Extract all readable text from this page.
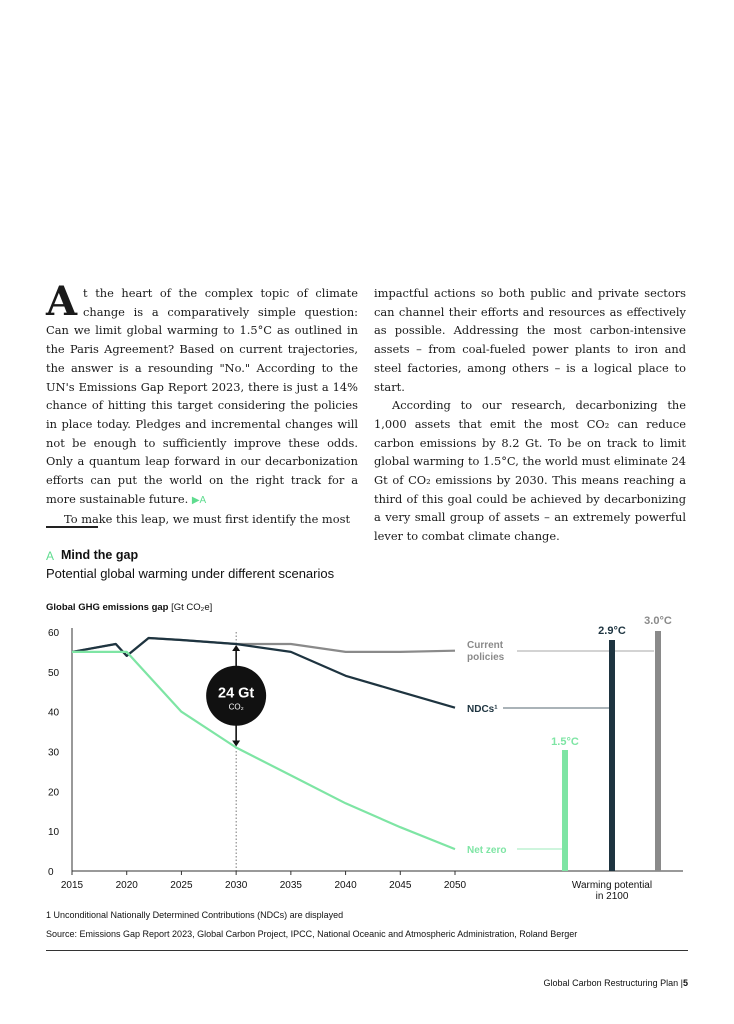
At the heart of the complex topic of climate change is a comparatively simple question: Can we limit global warming to 1.5°C as outlined in the Paris Agreement? Based on current trajectories, the answer is a resounding "No." According to the UN's Emissions Gap Report 2023, there is just a 14% chance of hitting this target considering the policies in place today. Pledges and incremental changes will not be enough to sufficiently improve these odds. Only a quantum leap forward in our decarbonization efforts can put the world on the right track for a more sustainable future. ▶A

To make this leap, we must first identify the most

impactful actions so both public and private sectors can channel their efforts and resources as effectively as possible. Addressing the most carbon-intensive assets – from coal-fueled power plants to iron and steel factories, among others – is a logical place to start.

According to our research, decarbonizing the 1,000 assets that emit the most CO₂ can reduce carbon emissions by 8.2 Gt. To be on track to limit global warming to 1.5°C, the world must eliminate 24 Gt of CO₂ emissions by 2030. This means reaching a third of this goal could be achieved by decarbonizing a very small group of assets – an extremely powerful lever to combat climate change.

A Mind the gap
Potential global warming under different scenarios
Global GHG emissions gap [Gt CO₂e]
0
10
20
30
40
50
60
2015	2020	2025	2030	2035	2040	2045	2050
Current
policies
NDCs¹
Net zero
24 Gt
CO₂
1.5°C
2.9°C
3.0°C
Warming potential
in 2100
1 Unconditional Nationally Determined Contributions (NDCs) are displayed
Source: Emissions Gap Report 2023, Global Carbon Project, IPCC, National Oceanic and Atmospheric Administration, Roland Berger
Global Carbon Restructuring Plan |5
